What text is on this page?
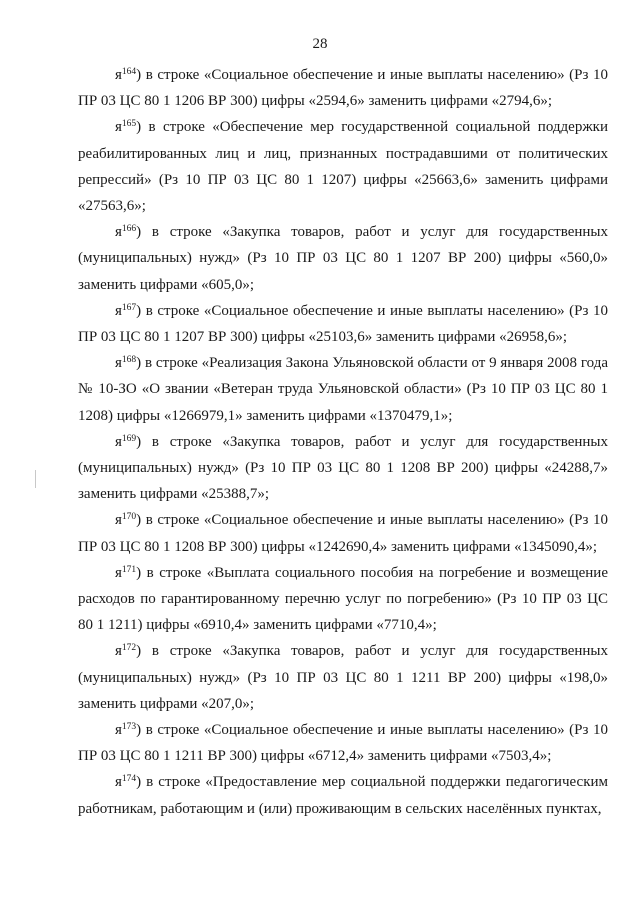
28

$я^{164}$) в строке «Социальное обеспечение и иные выплаты населению» (Рз 10 ПР 03 ЦС 80 1 1206 ВР 300) цифры «2594,6» заменить цифрами «2794,6»;

$я^{165}$) в строке «Обеспечение мер государственной социальной поддержки реабилитированных лиц и лиц, признанных пострадавшими от политических репрессий» (Рз 10 ПР 03 ЦС 80 1 1207) цифры «25663,6» заменить цифрами «27563,6»;

$я^{166}$) в строке «Закупка товаров, работ и услуг для государственных (муниципальных) нужд» (Рз 10 ПР 03 ЦС 80 1 1207 ВР 200) цифры «560,0» заменить цифрами «605,0»;

$я^{167}$) в строке «Социальное обеспечение и иные выплаты населению» (Рз 10 ПР 03 ЦС 80 1 1207 ВР 300) цифры «25103,6» заменить цифрами «26958,6»;

$я^{168}$) в строке «Реализация Закона Ульяновской области от 9 января 2008 года № 10-ЗО «О звании «Ветеран труда Ульяновской области» (Рз 10 ПР 03 ЦС 80 1 1208) цифры «1266979,1» заменить цифрами «1370479,1»;

$я^{169}$) в строке «Закупка товаров, работ и услуг для государственных (муниципальных) нужд» (Рз 10 ПР 03 ЦС 80 1 1208 ВР 200) цифры «24288,7» заменить цифрами «25388,7»;

$я^{170}$) в строке «Социальное обеспечение и иные выплаты населению» (Рз 10 ПР 03 ЦС 80 1 1208 ВР 300) цифры «1242690,4» заменить цифрами «1345090,4»;

$я^{171}$) в строке «Выплата социального пособия на погребение и возмещение расходов по гарантированному перечню услуг по погребению» (Рз 10 ПР 03 ЦС 80 1 1211) цифры «6910,4» заменить цифрами «7710,4»;

$я^{172}$) в строке «Закупка товаров, работ и услуг для государственных (муниципальных) нужд» (Рз 10 ПР 03 ЦС 80 1 1211 ВР 200) цифры «198,0» заменить цифрами «207,0»;

$я^{173}$) в строке «Социальное обеспечение и иные выплаты населению» (Рз 10 ПР 03 ЦС 80 1 1211 ВР 300) цифры «6712,4» заменить цифрами «7503,4»;

$я^{174}$) в строке «Предоставление мер социальной поддержки педагогическим работникам, работающим и (или) проживающим в сельских населённых пунктах,
